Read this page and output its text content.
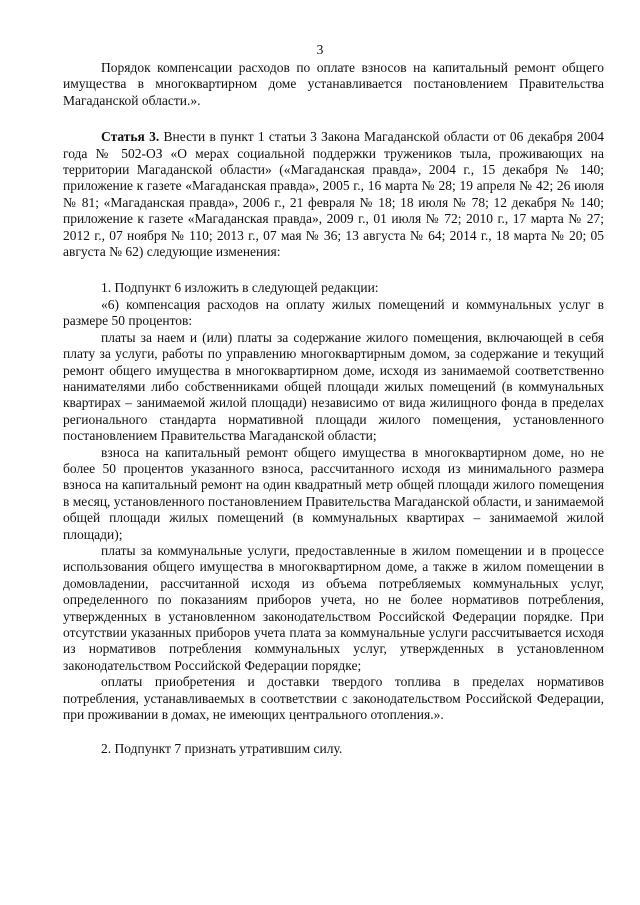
3

Порядок компенсации расходов по оплате взносов на капитальный ремонт общего имущества в многоквартирном доме устанавливается постановлением Правительства Магаданской области.».

Статья 3. Внести в пункт 1 статьи 3 Закона Магаданской области от 06 декабря 2004 года № 502-ОЗ «О мерах социальной поддержки тружеников тыла, проживающих на территории Магаданской области» («Магаданская правда», 2004 г., 15 декабря № 140; приложение к газете «Магаданская правда», 2005 г., 16 марта № 28; 19 апреля № 42; 26 июля № 81; «Магаданская правда», 2006 г., 21 февраля № 18; 18 июля № 78; 12 декабря № 140; приложение к газете «Магаданская правда», 2009 г., 01 июля № 72; 2010 г., 17 марта № 27; 2012 г., 07 ноября № 110; 2013 г., 07 мая № 36; 13 августа № 64; 2014 г., 18 марта № 20; 05 августа № 62) следующие изменения:

1. Подпункт 6 изложить в следующей редакции:

«6) компенсация расходов на оплату жилых помещений и коммунальных услуг в размере 50 процентов:

платы за наем и (или) платы за содержание жилого помещения, включающей в себя плату за услуги, работы по управлению многоквартирным домом, за содержание и текущий ремонт общего имущества в многоквартирном доме, исходя из занимаемой соответственно нанимателями либо собственниками общей площади жилых помещений (в коммунальных квартирах – занимаемой жилой площади) независимо от вида жилищного фонда в пределах регионального стандарта нормативной площади жилого помещения, установленного постановлением Правительства Магаданской области;

взноса на капитальный ремонт общего имущества в многоквартирном доме, но не более 50 процентов указанного взноса, рассчитанного исходя из минимального размера взноса на капитальный ремонт на один квадратный метр общей площади жилого помещения в месяц, установленного постановлением Правительства Магаданской области, и занимаемой общей площади жилых помещений (в коммунальных квартирах – занимаемой жилой площади);

платы за коммунальные услуги, предоставленные в жилом помещении и в процессе использования общего имущества в многоквартирном доме, а также в жилом помещении в домовладении, рассчитанной исходя из объема потребляемых коммунальных услуг, определенного по показаниям приборов учета, но не более нормативов потребления, утвержденных в установленном законодательством Российской Федерации порядке. При отсутствии указанных приборов учета плата за коммунальные услуги рассчитывается исходя из нормативов потребления коммунальных услуг, утвержденных в установленном законодательством Российской Федерации порядке;

оплаты приобретения и доставки твердого топлива в пределах нормативов потребления, устанавливаемых в соответствии с законодательством Российской Федерации, при проживании в домах, не имеющих центрального отопления.».

2. Подпункт 7 признать утратившим силу.
